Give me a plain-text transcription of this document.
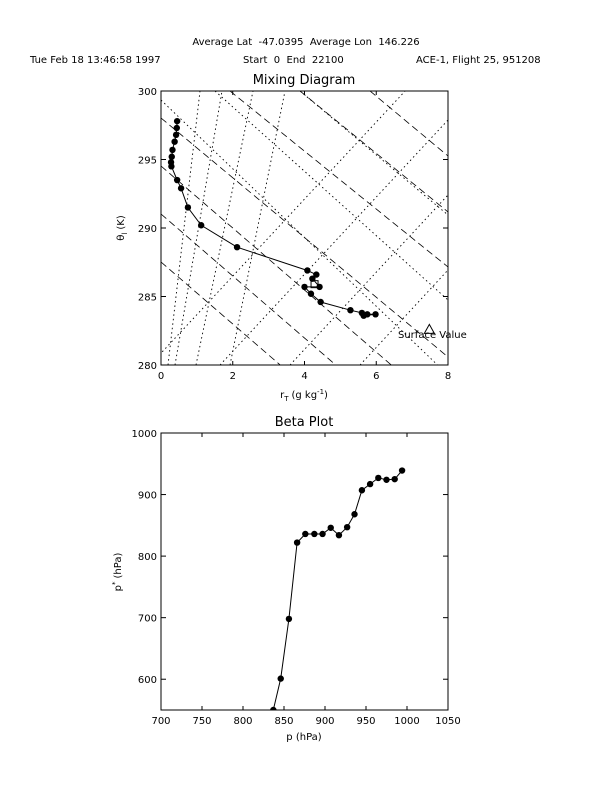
Average Lat  -47.0395  Average Lon  146.226
Tue Feb 18 13:46:58 1997	Start  0  End  22100	ACE-1, Flight 25, 951208
Mixing Diagram
0	2	4	6	8
280
285
290
295
300
Surface Value
$r_T$ (g $kg^{-1}$)
$\theta_l(K)$
Beta Plot
700 750 800 850 900 950 1000 1050
600
700
800
900
1000
p (hPa)
p*(hPa)
